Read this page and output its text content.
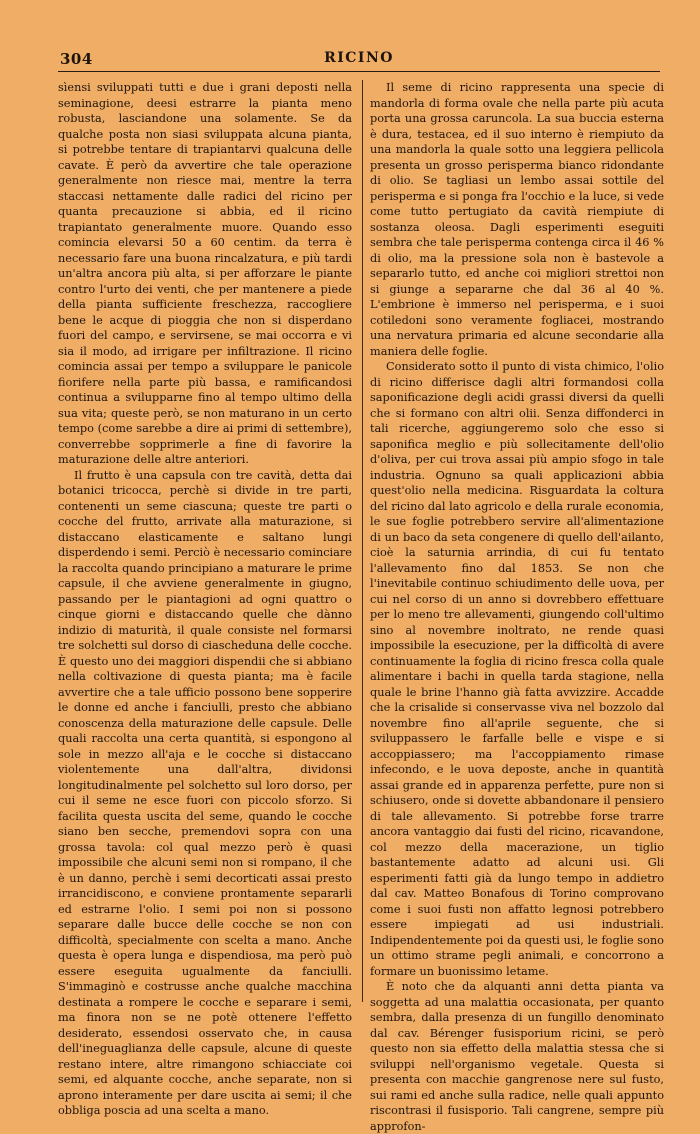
304	RICINO

sìensi sviluppati tutti e due i grani deposti nella seminagione, deesi estrarre la pianta meno robusta, lasciandone una solamente. Se da qualche posta non siasi sviluppata alcuna pianta, si potrebbe tentare di trapiantarvi qualcuna delle cavate. È però da avvertire che tale operazione generalmente non riesce mai, mentre la terra staccasi nettamente dalle radici del ricino per quanta precauzione si abbia, ed il ricino trapiantato generalmente muore. Quando esso comincia elevarsi 50 a 60 centim. da terra è necessario fare una buona rincalzatura, e più tardi un'altra ancora più alta, si per afforzare le piante contro l'urto dei venti, che per mantenere a piede della pianta sufficiente freschezza, raccogliere bene le acque di pioggia che non si disperdano fuori del campo, e servirsene, se mai occorra e vi sia il modo, ad irrigare per infiltrazione. Il ricino comincia assai per tempo a sviluppare le panicole fiorifere nella parte più bassa, e ramificandosi continua a svilupparne fino al tempo ultimo della sua vita; queste però, se non maturano in un certo tempo (come sarebbe a dire ai primi di settembre), converrebbe sopprimerle a fine di favorire la maturazione delle altre anteriori.

Il frutto è una capsula con tre cavità, detta dai botanici tricocca, perchè si divide in tre parti, contenenti un seme ciascuna; queste tre parti o cocche del frutto, arrivate alla maturazione, si distaccano elasticamente e saltano lungi disperdendo i semi. Perciò è necessario cominciare la raccolta quando principiano a maturare le prime capsule, il che avviene generalmente in giugno, passando per le piantagioni ad ogni quattro o cinque giorni e distaccando quelle che dànno indizio di maturità, il quale consiste nel formarsi tre solchetti sul dorso di ciascheduna delle cocche. È questo uno dei maggiori dispendii che si abbiano nella coltivazione di questa pianta; ma è facile avvertire che a tale ufficio possono bene sopperire le donne ed anche i fanciulli, presto che abbiano conoscenza della maturazione delle capsule. Delle quali raccolta una certa quantità, si espongono al sole in mezzo all'aja e le cocche si distaccano violentemente una dall'altra, dividonsi longitudinalmente pel solchetto sul loro dorso, per cui il seme ne esce fuori con piccolo sforzo. Si facilita questa uscita del seme, quando le cocche siano ben secche, premendovi sopra con una grossa tavola: col qual mezzo però è quasi impossibile che alcuni semi non si rompano, il che è un danno, perchè i semi decorticati assai presto irrancidiscono, e conviene prontamente separarli ed estrarne l'olio. I semi poi non si possono separare dalle bucce delle cocche se non con difficoltà, specialmente con scelta a mano. Anche questa è opera lunga e dispendiosa, ma però può essere eseguita ugualmente da fanciulli. S'immaginò e costrusse anche qualche macchina destinata a rompere le cocche e separare i semi, ma finora non se ne potè ottenere l'effetto desiderato, essendosi osservato che, in causa dell'ineguaglianza delle capsule, alcune di queste restano intere, altre rimangono schiacciate coi semi, ed alquante cocche, anche separate, non si aprono interamente per dare uscita ai semi; il che obbliga poscia ad una scelta a mano.

Il seme di ricino rappresenta una specie di mandorla di forma ovale che nella parte più acuta porta una grossa caruncola. La sua buccia esterna è dura, testacea, ed il suo interno è riempiuto da una mandorla la quale sotto una leggiera pellicola presenta un grosso perisperma bianco ridondante di olio. Se tagliasi un lembo assai sottile del perisperma e si ponga fra l'occhio e la luce, si vede come tutto pertugiato da cavità riempiute di sostanza oleosa. Dagli esperimenti eseguiti sembra che tale perisperma contenga circa il 46 % di olio, ma la pressione sola non è bastevole a separarlo tutto, ed anche coi migliori strettoi non si giunge a separarne che dal 36 al 40 %. L'embrione è immerso nel perisperma, e i suoi cotiledoni sono veramente fogliacei, mostrando una nervatura primaria ed alcune secondarie alla maniera delle foglie.

Considerato sotto il punto di vista chimico, l'olio di ricino differisce dagli altri formandosi colla saponificazione degli acidi grassi diversi da quelli che si formano con altri olii. Senza diffonderci in tali ricerche, aggiungeremo solo che esso si saponifica meglio e più sollecitamente dell'olio d'oliva, per cui trova assai più ampio sfogo in tale industria. Ognuno sa quali applicazioni abbia quest'olio nella medicina. Risguardata la coltura del ricino dal lato agricolo e della rurale economia, le sue foglie potrebbero servire all'alimentazione di un baco da seta congenere di quello dell'ailanto, cioè la saturnia arrindia, di cui fu tentato l'allevamento fino dal 1853. Se non che l'inevitabile continuo schiudimento delle uova, per cui nel corso di un anno si dovrebbero effettuare per lo meno tre allevamenti, giungendo coll'ultimo sino al novembre inoltrato, ne rende quasi impossibile la esecuzione, per la difficoltà di avere continuamente la foglia di ricino fresca colla quale alimentare i bachi in quella tarda stagione, nella quale le brine l'hanno già fatta avvizzire. Accadde che la crisalide si conservasse viva nel bozzolo dal novembre fino all'aprile seguente, che si sviluppassero le farfalle belle e vispe e si accoppiassero; ma l'accoppiamento rimase infecondo, e le uova deposte, anche in quantità assai grande ed in apparenza perfette, pure non si schiusero, onde si dovette abbandonare il pensiero di tale allevamento. Si potrebbe forse trarre ancora vantaggio dai fusti del ricino, ricavandone, col mezzo della macerazione, un tiglio bastantemente adatto ad alcuni usi. Gli esperimenti fatti già da lungo tempo in addietro dal cav. Matteo Bonafous di Torino comprovano come i suoi fusti non affatto legnosi potrebbero essere impiegati ad usi industriali. Indipendentemente poi da questi usi, le foglie sono un ottimo strame pegli animali, e concorrono a formare un buonissimo letame.

È noto che da alquanti anni detta pianta va soggetta ad una malattia occasionata, per quanto sembra, dalla presenza di un fungillo denominato dal cav. Bérenger fusisporium ricini, se però questo non sia effetto della malattia stessa che si sviluppi nell'organismo vegetale. Questa si presenta con macchie gangrenose nere sul fusto, sui rami ed anche sulla radice, nelle quali appunto riscontrasi il fusisporio. Tali cangrene, sempre più approfon-
